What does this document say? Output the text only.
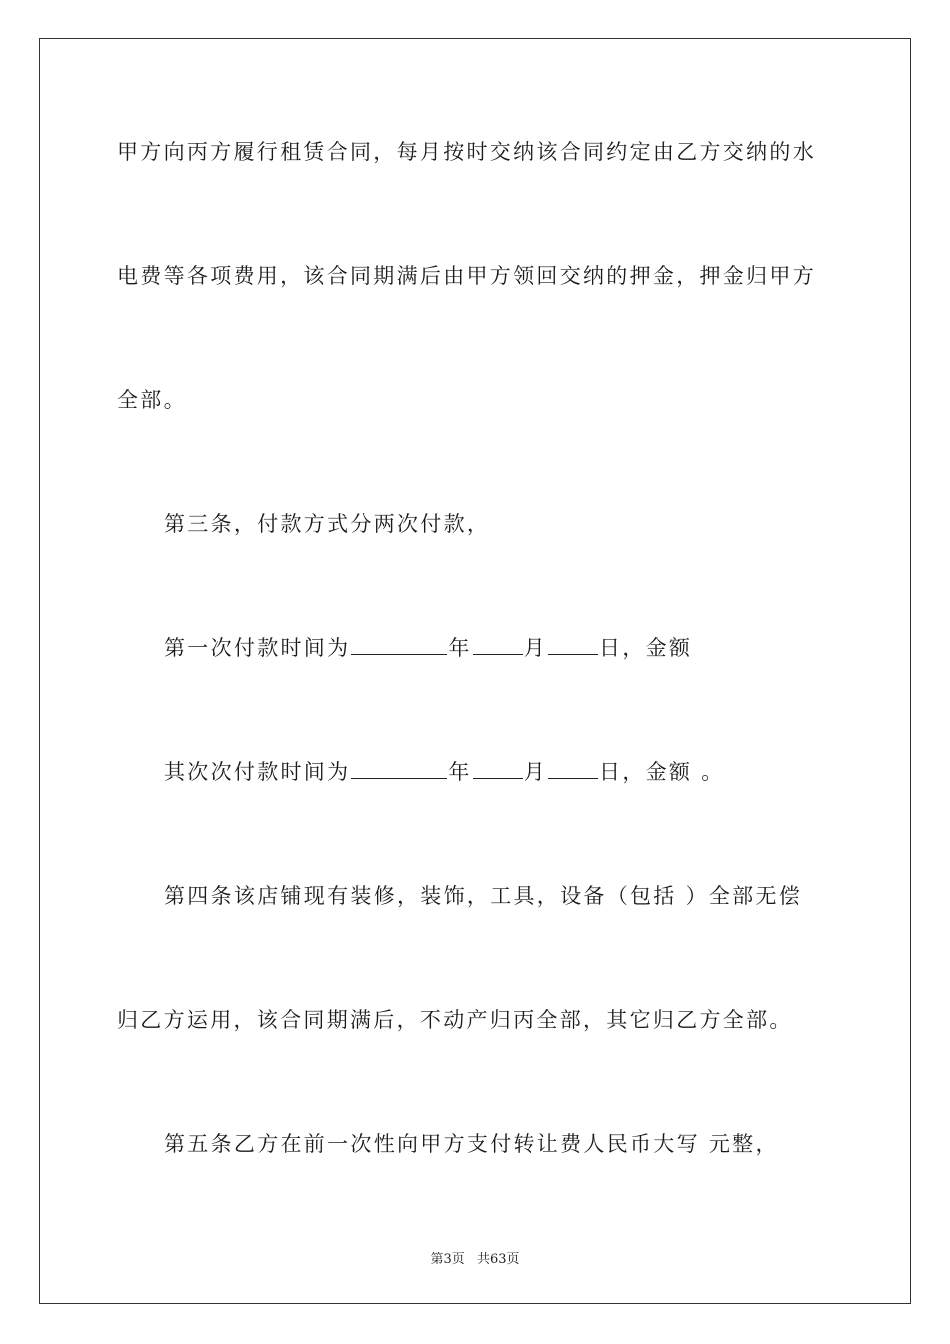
甲方向丙方履行租赁合同，每月按时交纳该合同约定由乙方交纳的水
电费等各项费用，该合同期满后由甲方领回交纳的押金，押金归甲方
全部。
第三条，付款方式分两次付款，
第一次付款时间为	年 月 日，金额
其次次付款时间为	年 月 日，金额 。
第四条该店铺现有装修，装饰，工具，设备（包括 ）全部无偿
归乙方运用，该合同期满后，不动产归丙全部，其它归乙方全部。
第五条乙方在前一次性向甲方支付转让费人民币大写 元整，
第3页 共63页
